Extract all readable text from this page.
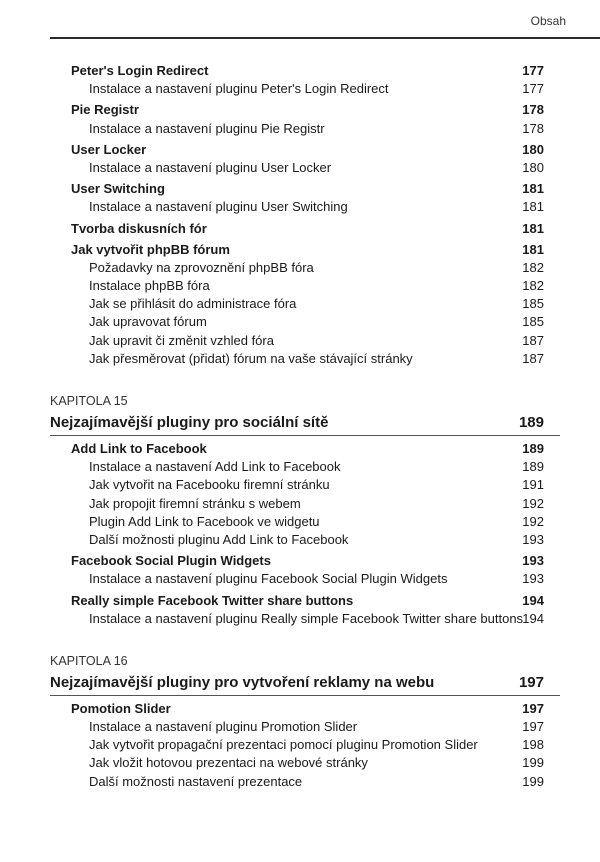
Obsah
Peter's Login Redirect	177
Instalace a nastavení pluginu Peter's Login Redirect	177
Pie Registr	178
Instalace a nastavení pluginu Pie Registr	178
User Locker	180
Instalace a nastavení pluginu User Locker	180
User Switching	181
Instalace a nastavení pluginu User Switching	181
Tvorba diskusních fór	181
Jak vytvořit phpBB fórum	181
Požadavky na zprovoznění phpBB fóra	182
Instalace phpBB fóra	182
Jak se přihlásit do administrace fóra	185
Jak upravovat fórum	185
Jak upravit či změnit vzhled fóra	187
Jak přesměrovat (přidat) fórum na vaše stávající stránky	187
KAPITOLA 15
Nejzajímavější pluginy pro sociální sítě	189
Add Link to Facebook	189
Instalace a nastavení Add Link to Facebook	189
Jak vytvořit na Facebooku firemní stránku	191
Jak propojit firemní stránku s webem	192
Plugin Add Link to Facebook ve widgetu	192
Další možnosti pluginu Add Link to Facebook	193
Facebook Social Plugin Widgets	193
Instalace a nastavení pluginu Facebook Social Plugin Widgets	193
Really simple Facebook Twitter share buttons	194
Instalace a nastavení pluginu Really simple Facebook Twitter share buttons 194
KAPITOLA 16
Nejzajímavější pluginy pro vytvoření reklamy na webu	197
Pomotion Slider	197
Instalace a nastavení pluginu Promotion Slider	197
Jak vytvořit propagační prezentaci pomocí pluginu Promotion Slider	198
Jak vložit hotovou prezentaci na webové stránky	199
Další možnosti nastavení prezentace	199
